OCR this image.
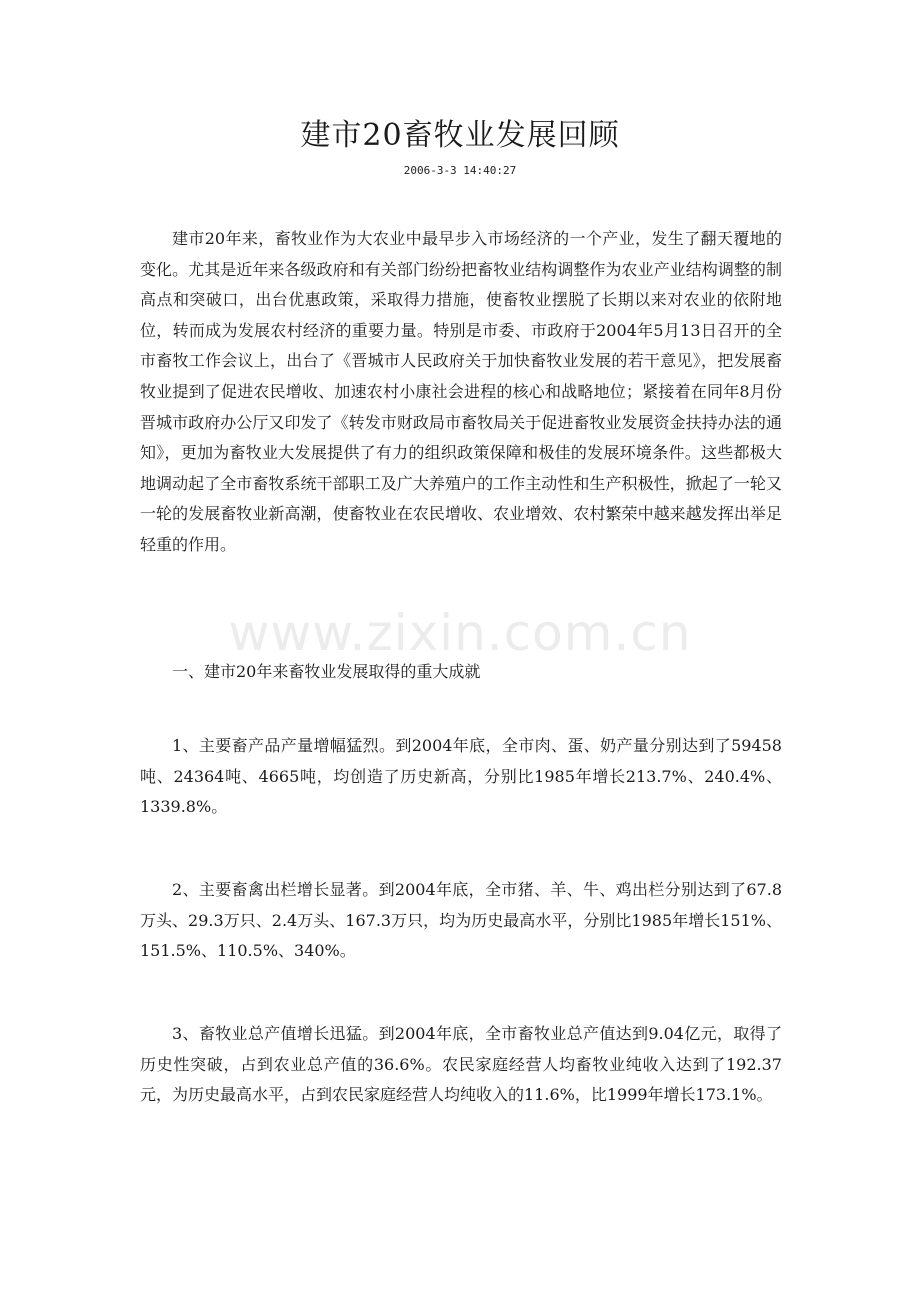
建市20畜牧业发展回顾
2006-3-3 14:40:27

建市20年来，畜牧业作为大农业中最早步入市场经济的一个产业，发生了翻天覆地的变化。尤其是近年来各级政府和有关部门纷纷把畜牧业结构调整作为农业产业结构调整的制高点和突破口，出台优惠政策，采取得力措施，使畜牧业摆脱了长期以来对农业的依附地位，转而成为发展农村经济的重要力量。特别是市委、市政府于2004年5月13日召开的全市畜牧工作会议上，出台了《晋城市人民政府关于加快畜牧业发展的若干意见》，把发展畜牧业提到了促进农民增收、加速农村小康社会进程的核心和战略地位；紧接着在同年8月份晋城市政府办公厅又印发了《转发市财政局市畜牧局关于促进畜牧业发展资金扶持办法的通知》，更加为畜牧业大发展提供了有力的组织政策保障和极佳的发展环境条件。这些都极大地调动起了全市畜牧系统干部职工及广大养殖户的工作主动性和生产积极性，掀起了一轮又一轮的发展畜牧业新高潮，使畜牧业在农民增收、农业增效、农村繁荣中越来越发挥出举足轻重的作用。

一、建市20年来畜牧业发展取得的重大成就

1、主要畜产品产量增幅猛烈。到2004年底，全市肉、蛋、奶产量分别达到了59458吨、24364吨、4665吨，均创造了历史新高，分别比1985年增长213.7%、240.4%、1339.8%。

2、主要畜禽出栏增长显著。到2004年底，全市猪、羊、牛、鸡出栏分别达到了67.8万头、29.3万只、2.4万头、167.3万只，均为历史最高水平，分别比1985年增长151%、151.5%、110.5%、340%。

3、畜牧业总产值增长迅猛。到2004年底，全市畜牧业总产值达到9.04亿元，取得了历史性突破，占到农业总产值的36.6%。农民家庭经营人均畜牧业纯收入达到了192.37元，为历史最高水平，占到农民家庭经营人均纯收入的11.6%，比1999年增长173.1%。

www.zixin.com.cn
